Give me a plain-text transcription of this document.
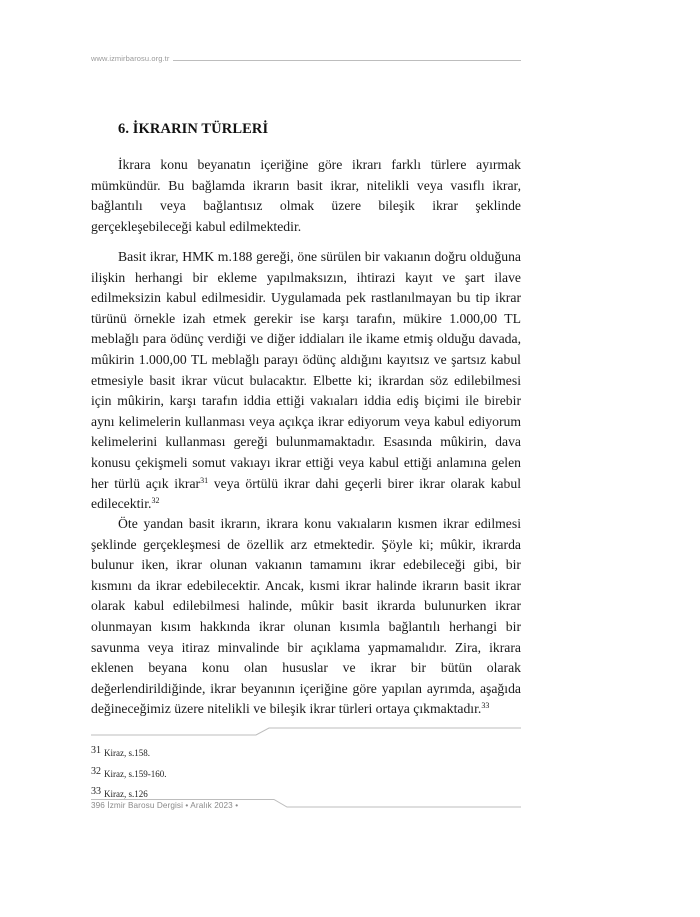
www.izmirbarosu.org.tr
6. İKRARIN TÜRLERİ

İkrara konu beyanatın içeriğine göre ikrarı farklı türlere ayırmak mümkündür. Bu bağlamda ikrarın basit ikrar, nitelikli veya vasıflı ikrar, bağlantılı veya bağlantısız olmak üzere bileşik ikrar şeklinde gerçekleşebileceği kabul edilmektedir.

Basit ikrar, HMK m.188 gereği, öne sürülen bir vakıanın doğru olduğuna ilişkin herhangi bir ekleme yapılmaksızın, ihtirazi kayıt ve şart ilave edilmeksizin kabul edilmesidir. Uygulamada pek rastlanılmayan bu tip ikrar türünü örnekle izah etmek gerekir ise karşı tarafın, mükire 1.000,00 TL meblağlı para ödünç verdiği ve diğer iddiaları ile ikame etmiş olduğu davada, mûkirin 1.000,00 TL meblağlı parayı ödünç aldığını kayıtsız ve şartsız kabul etmesiyle basit ikrar vücut bulacaktır. Elbette ki; ikrardan söz edilebilmesi için mûkirin, karşı tarafın iddia ettiği vakıaları iddia ediş biçimi ile birebir aynı kelimelerin kullanması veya açıkça ikrar ediyorum veya kabul ediyorum kelimelerini kullanması gereği bulunmamaktadır. Esasında mûkirin, dava konusu çekişmeli somut vakıayı ikrar ettiği veya kabul ettiği anlamına gelen her türlü açık ikrar$^{31}$ veya örtülü ikrar dahi geçerli birer ikrar olarak kabul edilecektir.$^{32}$

Öte yandan basit ikrarın, ikrara konu vakıaların kısmen ikrar edilmesi şeklinde gerçekleşmesi de özellik arz etmektedir. Şöyle ki; mûkir, ikrarda bulunur iken, ikrar olunan vakıanın tamamını ikrar edebileceği gibi, bir kısmını da ikrar edebilecektir. Ancak, kısmi ikrar halinde ikrarın basit ikrar olarak kabul edilebilmesi halinde, mûkir basit ikrarda bulunurken ikrar olunmayan kısım hakkında ikrar olunan kısımla bağlantılı herhangi bir savunma veya itiraz minvalinde bir açıklama yapmamalıdır. Zira, ikrara eklenen beyana konu olan hususlar ve ikrar bir bütün olarak değerlendirildiğinde, ikrar beyanının içeriğine göre yapılan ayrımda, aşağıda değineceğimiz üzere nitelikli ve bileşik ikrar türleri ortaya çıkmaktadır.$^{33}$

31 Kiraz, s.158.
32 Kiraz, s.159-160.
33 Kiraz, s.126
396 İzmir Barosu Dergisi • Aralık 2023 •
